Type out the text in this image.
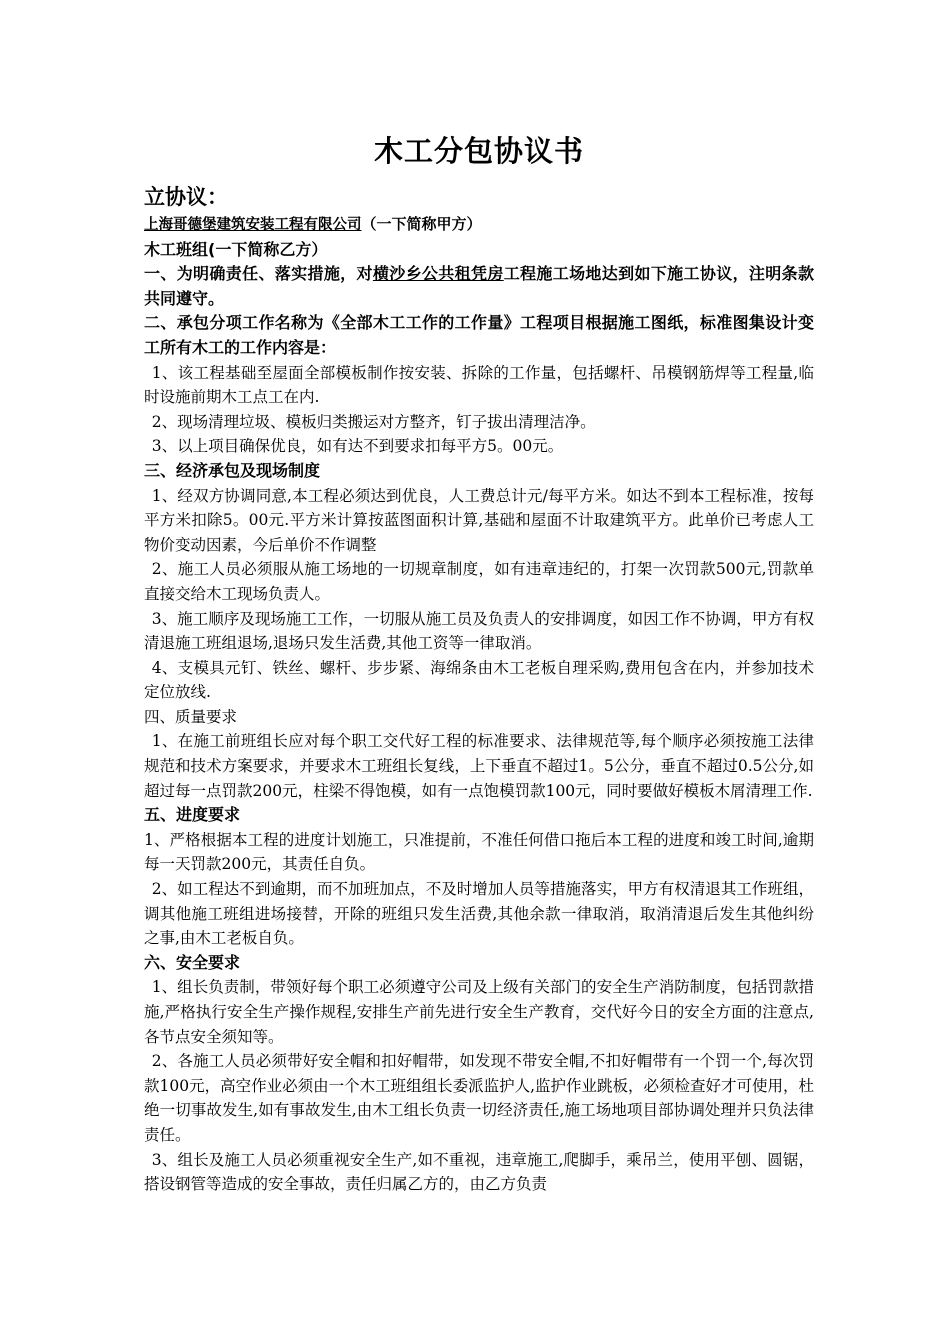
木工分包协议书

立协议：

上海哥德堡建筑安装工程有限公司（一下简称甲方）

木工班组(一下简称乙方）

一、为明确责任、落实措施，对横沙乡公共租凭房工程施工场地达到如下施工协议，注明条款共同遵守。

二、承包分项工作名称为《全部木工工作的工作量》工程项目根据施工图纸，标准图集设计变工所有木工的工作内容是：

1、该工程基础至屋面全部模板制作按安装、拆除的工作量，包括螺杆、吊模钢筋焊等工程量,临时设施前期木工点工在内.

2、现场清理垃圾、模板归类搬运对方整齐，钉子拔出清理洁净。

3、以上项目确保优良，如有达不到要求扣每平方5。00元。

三、经济承包及现场制度

1、经双方协调同意,本工程必须达到优良，人工费总计元/每平方米。如达不到本工程标准，按每平方米扣除5。00元.平方米计算按蓝图面积计算,基础和屋面不计取建筑平方。此单价已考虑人工物价变动因素，今后单价不作调整

2、施工人员必须服从施工场地的一切规章制度，如有违章违纪的，打架一次罚款500元,罚款单直接交给木工现场负责人。

3、施工顺序及现场施工工作，一切服从施工员及负责人的安排调度，如因工作不协调，甲方有权清退施工班组退场,退场只发生活费,其他工资等一律取消。

4、支模具元钉、铁丝、螺杆、步步紧、海绵条由木工老板自理采购,费用包含在内，并参加技术定位放线.

四、质量要求

1、在施工前班组长应对每个职工交代好工程的标准要求、法律规范等,每个顺序必须按施工法律规范和技术方案要求，并要求木工班组长复线，上下垂直不超过1。5公分，垂直不超过0.5公分,如超过每一点罚款200元，柱梁不得饱模，如有一点饱模罚款100元，同时要做好模板木屑清理工作.

五、进度要求

1、严格根据本工程的进度计划施工，只准提前，不准任何借口拖后本工程的进度和竣工时间,逾期每一天罚款200元，其责任自负。

2、如工程达不到逾期，而不加班加点，不及时增加人员等措施落实，甲方有权清退其工作班组，调其他施工班组进场接替，开除的班组只发生活费,其他余款一律取消，取消清退后发生其他纠纷之事,由木工老板自负。

六、安全要求

1、组长负责制，带领好每个职工必须遵守公司及上级有关部门的安全生产消防制度，包括罚款措施,严格执行安全生产操作规程,安排生产前先进行安全生产教育，交代好今日的安全方面的注意点,各节点安全须知等。

2、各施工人员必须带好安全帽和扣好帽带，如发现不带安全帽,不扣好帽带有一个罚一个,每次罚款100元，高空作业必须由一个木工班组组长委派监护人,监护作业跳板，必须检查好才可使用，杜绝一切事故发生,如有事故发生,由木工组长负责一切经济责任,施工场地项目部协调处理并只负法律责任。

3、组长及施工人员必须重视安全生产,如不重视，违章施工,爬脚手，乘吊兰，使用平刨、圆锯，搭设钢管等造成的安全事故，责任归属乙方的，由乙方负责
